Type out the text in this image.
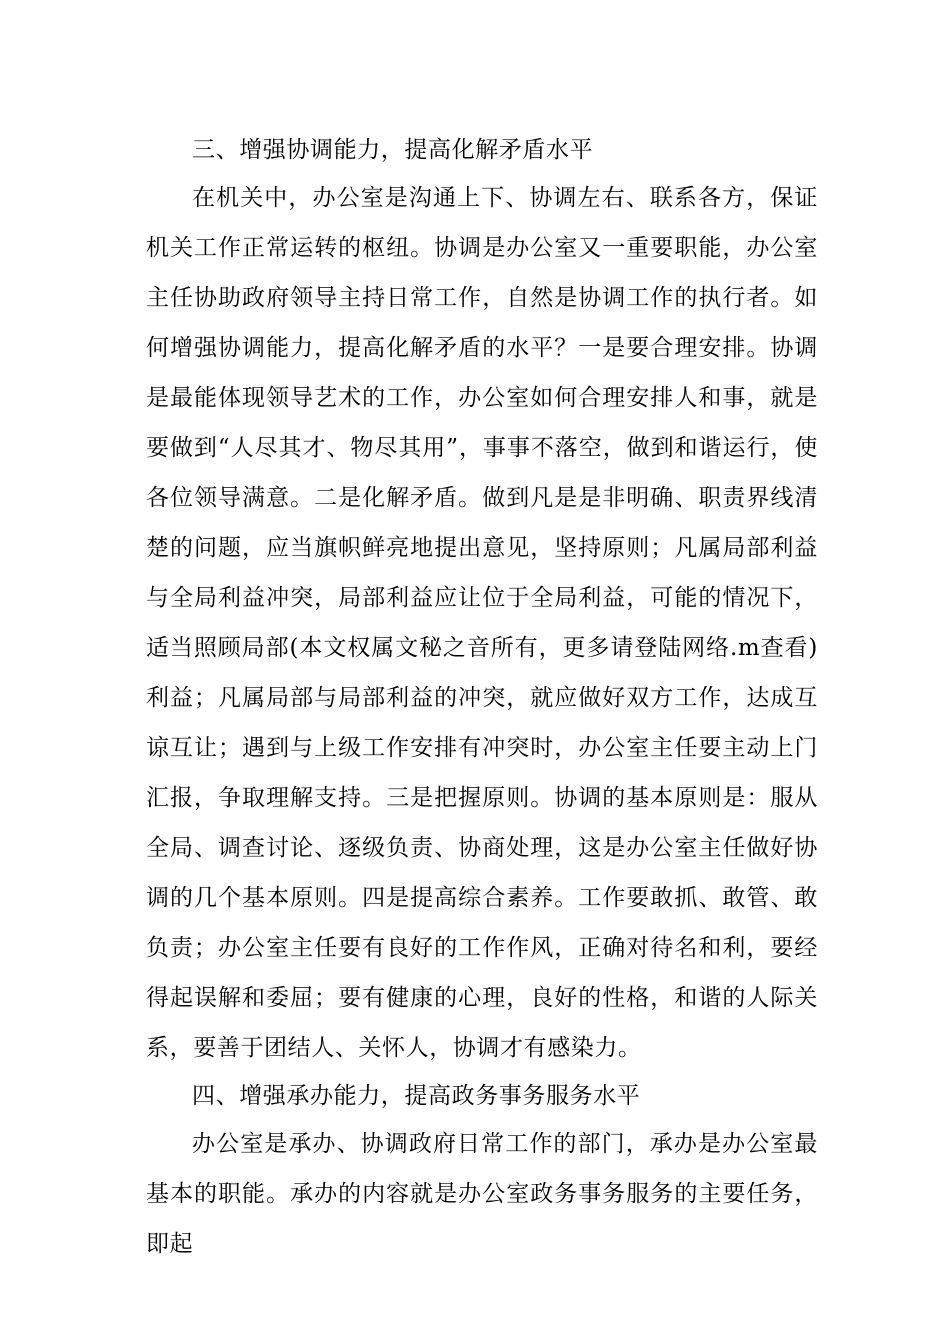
三、增强协调能力，提高化解矛盾水平

在机关中，办公室是沟通上下、协调左右、联系各方，保证机关工作正常运转的枢纽。协调是办公室又一重要职能，办公室主任协助政府领导主持日常工作，自然是协调工作的执行者。如何增强协调能力，提高化解矛盾的水平？一是要合理安排。协调是最能体现领导艺术的工作，办公室如何合理安排人和事，就是要做到“人尽其才、物尽其用”，事事不落空，做到和谐运行，使各位领导满意。二是化解矛盾。做到凡是是非明确、职责界线清楚的问题，应当旗帜鲜亮地提出意见，坚持原则；凡属局部利益与全局利益冲突，局部利益应让位于全局利益，可能的情况下，适当照顾局部(本文权属文秘之音所有，更多请登陆网络.m查看)利益；凡属局部与局部利益的冲突，就应做好双方工作，达成互谅互让；遇到与上级工作安排有冲突时，办公室主任要主动上门汇报，争取理解支持。三是把握原则。协调的基本原则是：服从全局、调查讨论、逐级负责、协商处理，这是办公室主任做好协调的几个基本原则。四是提高综合素养。工作要敢抓、敢管、敢负责；办公室主任要有良好的工作作风，正确对待名和利，要经得起误解和委屈；要有健康的心理，良好的性格，和谐的人际关系，要善于团结人、关怀人，协调才有感染力。

四、增强承办能力，提高政务事务服务水平

办公室是承办、协调政府日常工作的部门，承办是办公室最基本的职能。承办的内容就是办公室政务事务服务的主要任务，即起
